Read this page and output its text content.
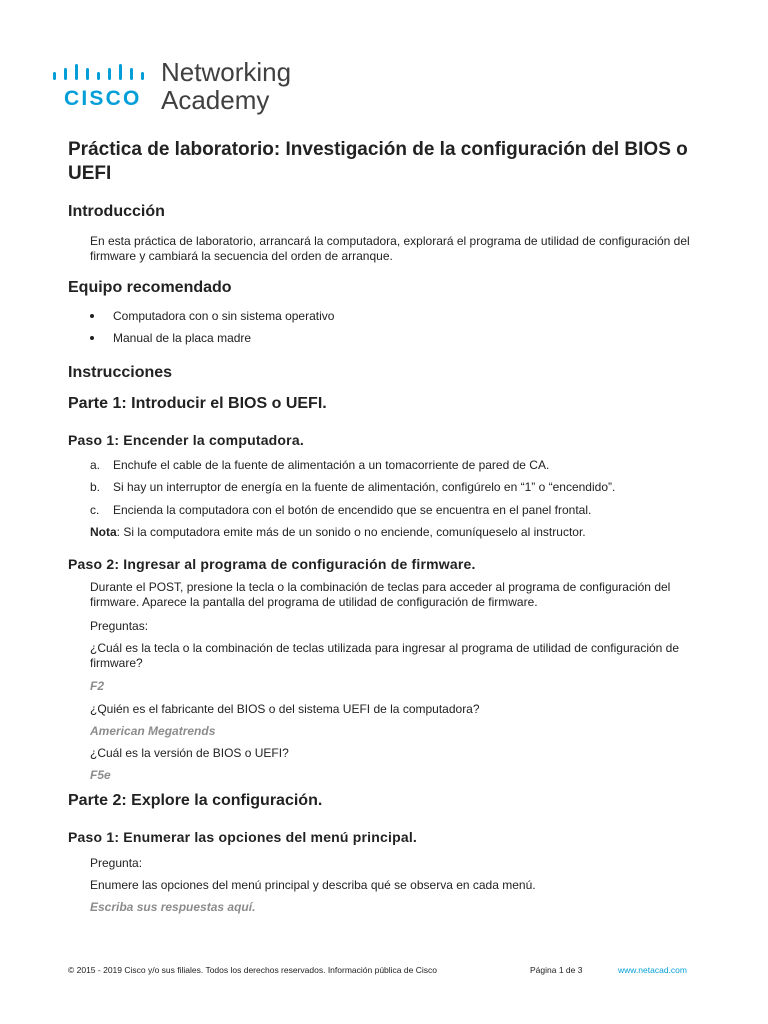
CISCO
Networking
Academy
Práctica de laboratorio: Investigación de la configuración del BIOS o UEFI
Introducción
En esta práctica de laboratorio, arrancará la computadora, explorará el programa de utilidad de configuración del firmware y cambiará la secuencia del orden de arranque.
Equipo recomendado
Computadora con o sin sistema operativo
Manual de la placa madre
Instrucciones
Parte 1: Introducir el BIOS o UEFI.
Paso 1: Encender la computadora.
a. Enchufe el cable de la fuente de alimentación a un tomacorriente de pared de CA.
b. Si hay un interruptor de energía en la fuente de alimentación, configúrelo en “1” o “encendido”.
c. Encienda la computadora con el botón de encendido que se encuentra en el panel frontal.
Nota: Si la computadora emite más de un sonido o no enciende, comuníqueselo al instructor.
Paso 2: Ingresar al programa de configuración de firmware.
Durante el POST, presione la tecla o la combinación de teclas para acceder al programa de configuración del firmware. Aparece la pantalla del programa de utilidad de configuración de firmware.
Preguntas:
¿Cuál es la tecla o la combinación de teclas utilizada para ingresar al programa de utilidad de configuración de firmware?
F2
¿Quién es el fabricante del BIOS o del sistema UEFI de la computadora?
American Megatrends
¿Cuál es la versión de BIOS o UEFI?
F5e
Parte 2: Explore la configuración.
Paso 1: Enumerar las opciones del menú principal.
Pregunta:
Enumere las opciones del menú principal y describa qué se observa en cada menú.
Escriba sus respuestas aquí.
© 2015 - 2019 Cisco y/o sus filiales. Todos los derechos reservados. Información pública de Cisco	Página 1 de 3	www.netacad.com
